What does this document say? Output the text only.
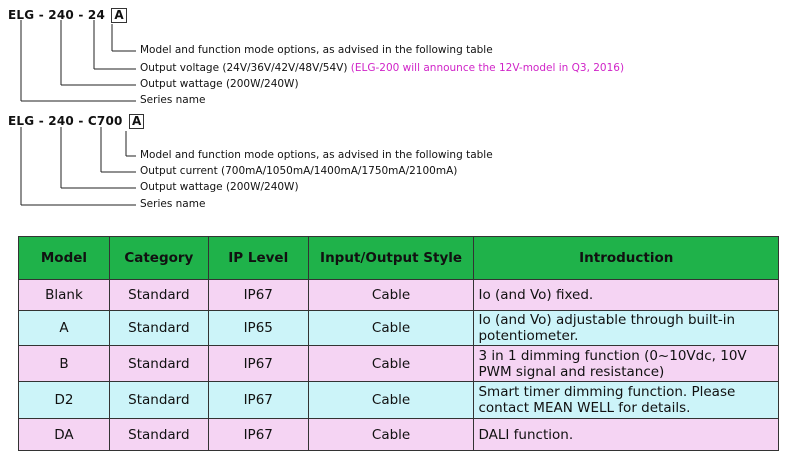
ELG - 240 - 24 A
Model and function mode options, as advised in the following table
Output voltage (24V/36V/42V/48V/54V) (ELG-200 will announce the 12V-model in Q3, 2016)
Output wattage (200W/240W)
Series name
ELG - 240 - C700 A
Model and function mode options, as advised in the following table
Output current (700mA/1050mA/1400mA/1750mA/2100mA)
Output wattage (200W/240W)
Series name
Model	Category	IP Level	Input/Output Style	Introduction
Blank	Standard	IP67	Cable	Io (and Vo) fixed.
A	Standard	IP65	Cable	Io (and Vo) adjustable through built-in potentiometer.
B	Standard	IP67	Cable	3 in 1 dimming function (0~10Vdc, 10V PWM signal and resistance)
D2	Standard	IP67	Cable	Smart timer dimming function. Please contact MEAN WELL for details.
DA	Standard	IP67	Cable	DALI function.
